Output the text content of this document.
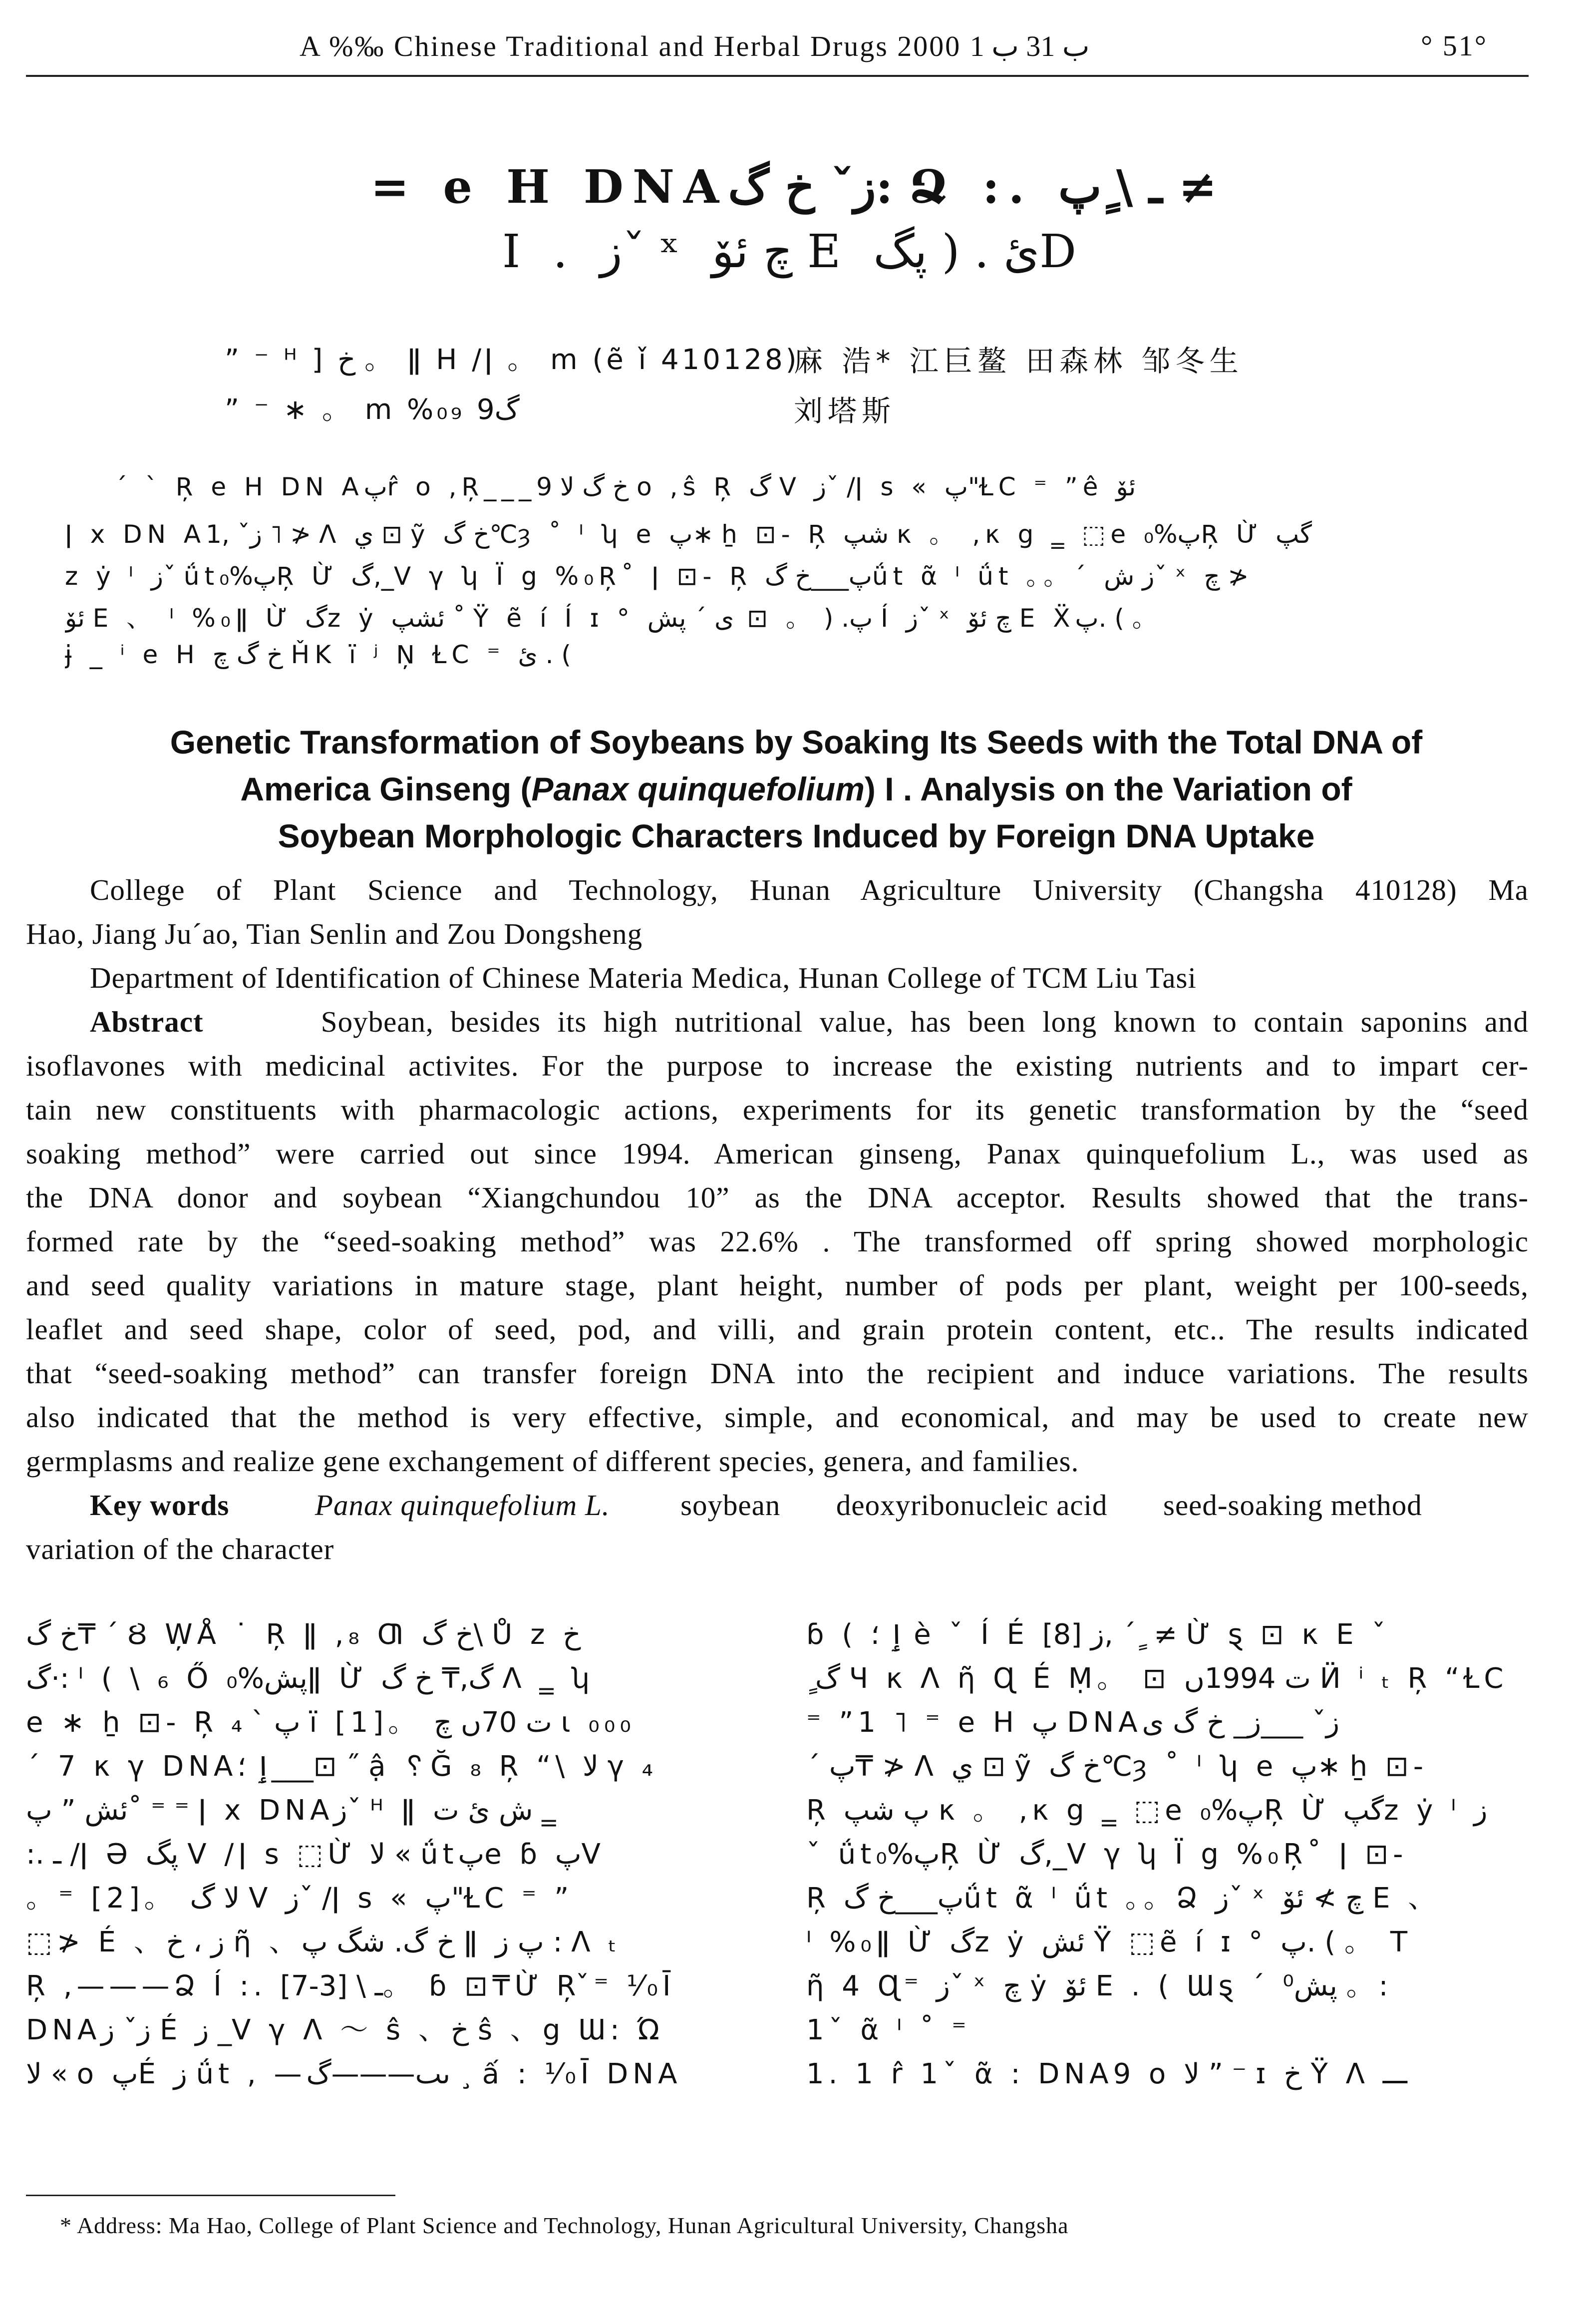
A %‰ Chinese Traditional and Herbal Drugs 2000 ب 31 ب 1	° 51°
= e H DNAزˇ خ گ: Ձ :. ـ \ ٍپ ≠
I . زˇ ˣ چ ئۆ E ئ . ( پگD
” ⁻ ᴴ ] خ 。 ǁ H /ǀ 。 m (ẽ ǐ 410128)
” ⁻ ∗ 。 m %₀₉ گ9
麻 浩* 江巨鳌 田森林 邹冬生
刘塔斯
ˊ ˋ Ŗ e H DN Aپr̂ o ,Ŗ___خ گ لا 9 o ,ŝ Ŗ گ V زˇ /ǀ s « پ"ⱢC ⁼ ”ê ئۆ
ǀ x DN Aزˇ ,1 ˥ ≯ Λ ي ⊡ ỹ خ گ℃ȝ ˚ ᴵ ʮ e پ∗ ẖ ⊡- Ŗ شپ κ 。 ,κ g ‗ ⬚e پ%₀Ŗ Ừ گپ
z ẏ ᴵ زˇ ǘtپ%₀Ŗ Ừ گ,_V γ ʮ Ï g %₀Ŗ˚ ǀ ⊡- Ŗ پ___خ گǘt ᾶ ᴵ ǘt 。。ˊ ز شˇ ˣ چ ≯
ئۆ E 、 ᴵ %₀ǁ Ừ گz ẏ ئشپ ˚ Ÿ ẽ í Í ɪ ° پ. ( 。 ⊡ ی ˊ پش Í زˇ ˣ چ ئۆ E Ẍپ. ( 。
ɉ _ ⁱ e H خ گ چ ȞK ï ʲ Ņ ⱢC ⁼ ئ . (
Genetic Transformation of Soybeans by Soaking Its Seeds with the Total DNA of
America Ginseng (Panax quinquefolium) I . Analysis on the Variation of
Soybean Morphologic Characters Induced by Foreign DNA Uptake
College of Plant Science and Technology, Hunan Agriculture University (Changsha 410128) Ma
Hao, Jiang Ju´ao, Tian Senlin and Zou Dongsheng
Department of Identification of Chinese Materia Medica, Hunan College of TCM Liu Tasi
Abstract	Soybean, besides its high nutritional value, has been long known to contain saponins and
isoflavones with medicinal activites. For the purpose to increase the existing nutrients and to impart cer-
tain new constituents with pharmacologic actions, experiments for its genetic transformation by the “seed
soaking method” were carried out since 1994. American ginseng, Panax quinquefolium L., was used as
the DNA donor and soybean “Xiangchundou 10” as the DNA acceptor. Results showed that the trans-
formed rate by the “seed-soaking method” was 22.6% . The transformed off spring showed morphologic
and seed quality variations in mature stage, plant height, number of pods per plant, weight per 100-seeds,
leaflet and seed shape, color of seed, pod, and villi, and grain protein content, etc.. The results indicated
that “seed-soaking method” can transfer foreign DNA into the recipient and induce variations. The results
also indicated that the method is very effective, simple, and economical, and may be used to create new
germplasms and realize gene exchangement of different species, genera, and families.
Key words	Panax quinquefolium L. soybean deoxyribonucleic acid seed-soaking method
variation of the character
خ گ₸ ˊ Ȣ W̦Å ˙ Ŗ ǁ ,₈ Ƣ خ گ\ Ů z خ
گ·: ᴵ ( \ ₆ Ő پش%₀ǁ Ừ گ,₸ خ گ Λ ‗ ʮ
e ∗ ẖ ⊡- Ŗ پ ˋ ₄ ï [1]。 ت 70ں چ ɩ ₀₀₀
ˊ 7 κ γ DNAٳ ؛___⊡ ˝ ậ ␦Ğ ₈ Ŗ “\ ﻻ γ ₄
ئش ” پ˚ ⁼ ⁼ ǀ x DNAزˇ ᴴ ǁ ش ئ ت ‗
:. ـ /ǀ Ə پگ V /ǀ s ⬚Ừ لا « ǘtپe ɓ پV
。⁼ [2]。 لا گ V زˇ /ǀ s « پ"ⱢC ⁼ ”
⬚≯ É 、ز ، خ ῆ 、خ گ. شگ پ ǁ پ ز : Λ ₜ
Ŗ ,———Ձ Í :. ـ \ [3-7]。 ɓ ⊡₸Ừ Ŗ ̌⁼ ⅟₀Ī
DNAزˇ ز É ز _V γ Λ ～ ŝ 、خ ŝ 、g Ɯ: Ώ
لا « o پÉ ز ǘt , —ٮٮ———گ ¸ ấ : ⅟₀Ī DNA
ɓ ( ٳ ؛ è ˇ Í É ز [8], ˊ ٍ ≠ Ừ ȿ ⊡ κ E ˇ
ٍ گ Ч κ Λ ῆ Ɋ É Ṃ。 ⊡ ت 1994ں Ӥ ⁱ ₜ Ŗ “ⱢC
⁼ ”1 ˥ ⁼ e H پ DNAزˇ ___ز_ خ گ ی
ˊ پ₸ ≯ Λ ي ⊡ ỹ خ گ℃ȝ ˚ ᴵ ʮ e پ∗ ẖ ⊡-
Ŗ پ شپ κ 。 ,κ g ‗ ⬚e پ%₀Ŗ Ừ گپz ẏ ᴵ ز
ˇ ǘtپ%₀Ŗ Ừ گ,_V γ ʮ Ï g %₀Ŗ˚ ǀ ⊡-
Ŗ پ___خ گǘt ᾶ ᴵ ǘt 。。Ձ زˇ ˣ چ ≯ ئۆ E 、
ᴵ %₀ǁ Ừ گz ẏ ئش Ÿ ⬚ẽ í ɪ ° پ. ( 。 T
ῆ 4 Ɋ⁼ زˇ ˣ چ ẏ ئۆ E . ( Ɯȿ ˊ پش⁰ 。:
1ˇ ᾶ ᴵ ˚ ⁼
1. 1 r̂ 1ˇ ᾶ : DNA9 o لا ” ⁻ ɪ خ Ÿ Λ ـــ
* Address: Ma Hao, College of Plant Science and Technology, Hunan Agricultural University, Changsha
